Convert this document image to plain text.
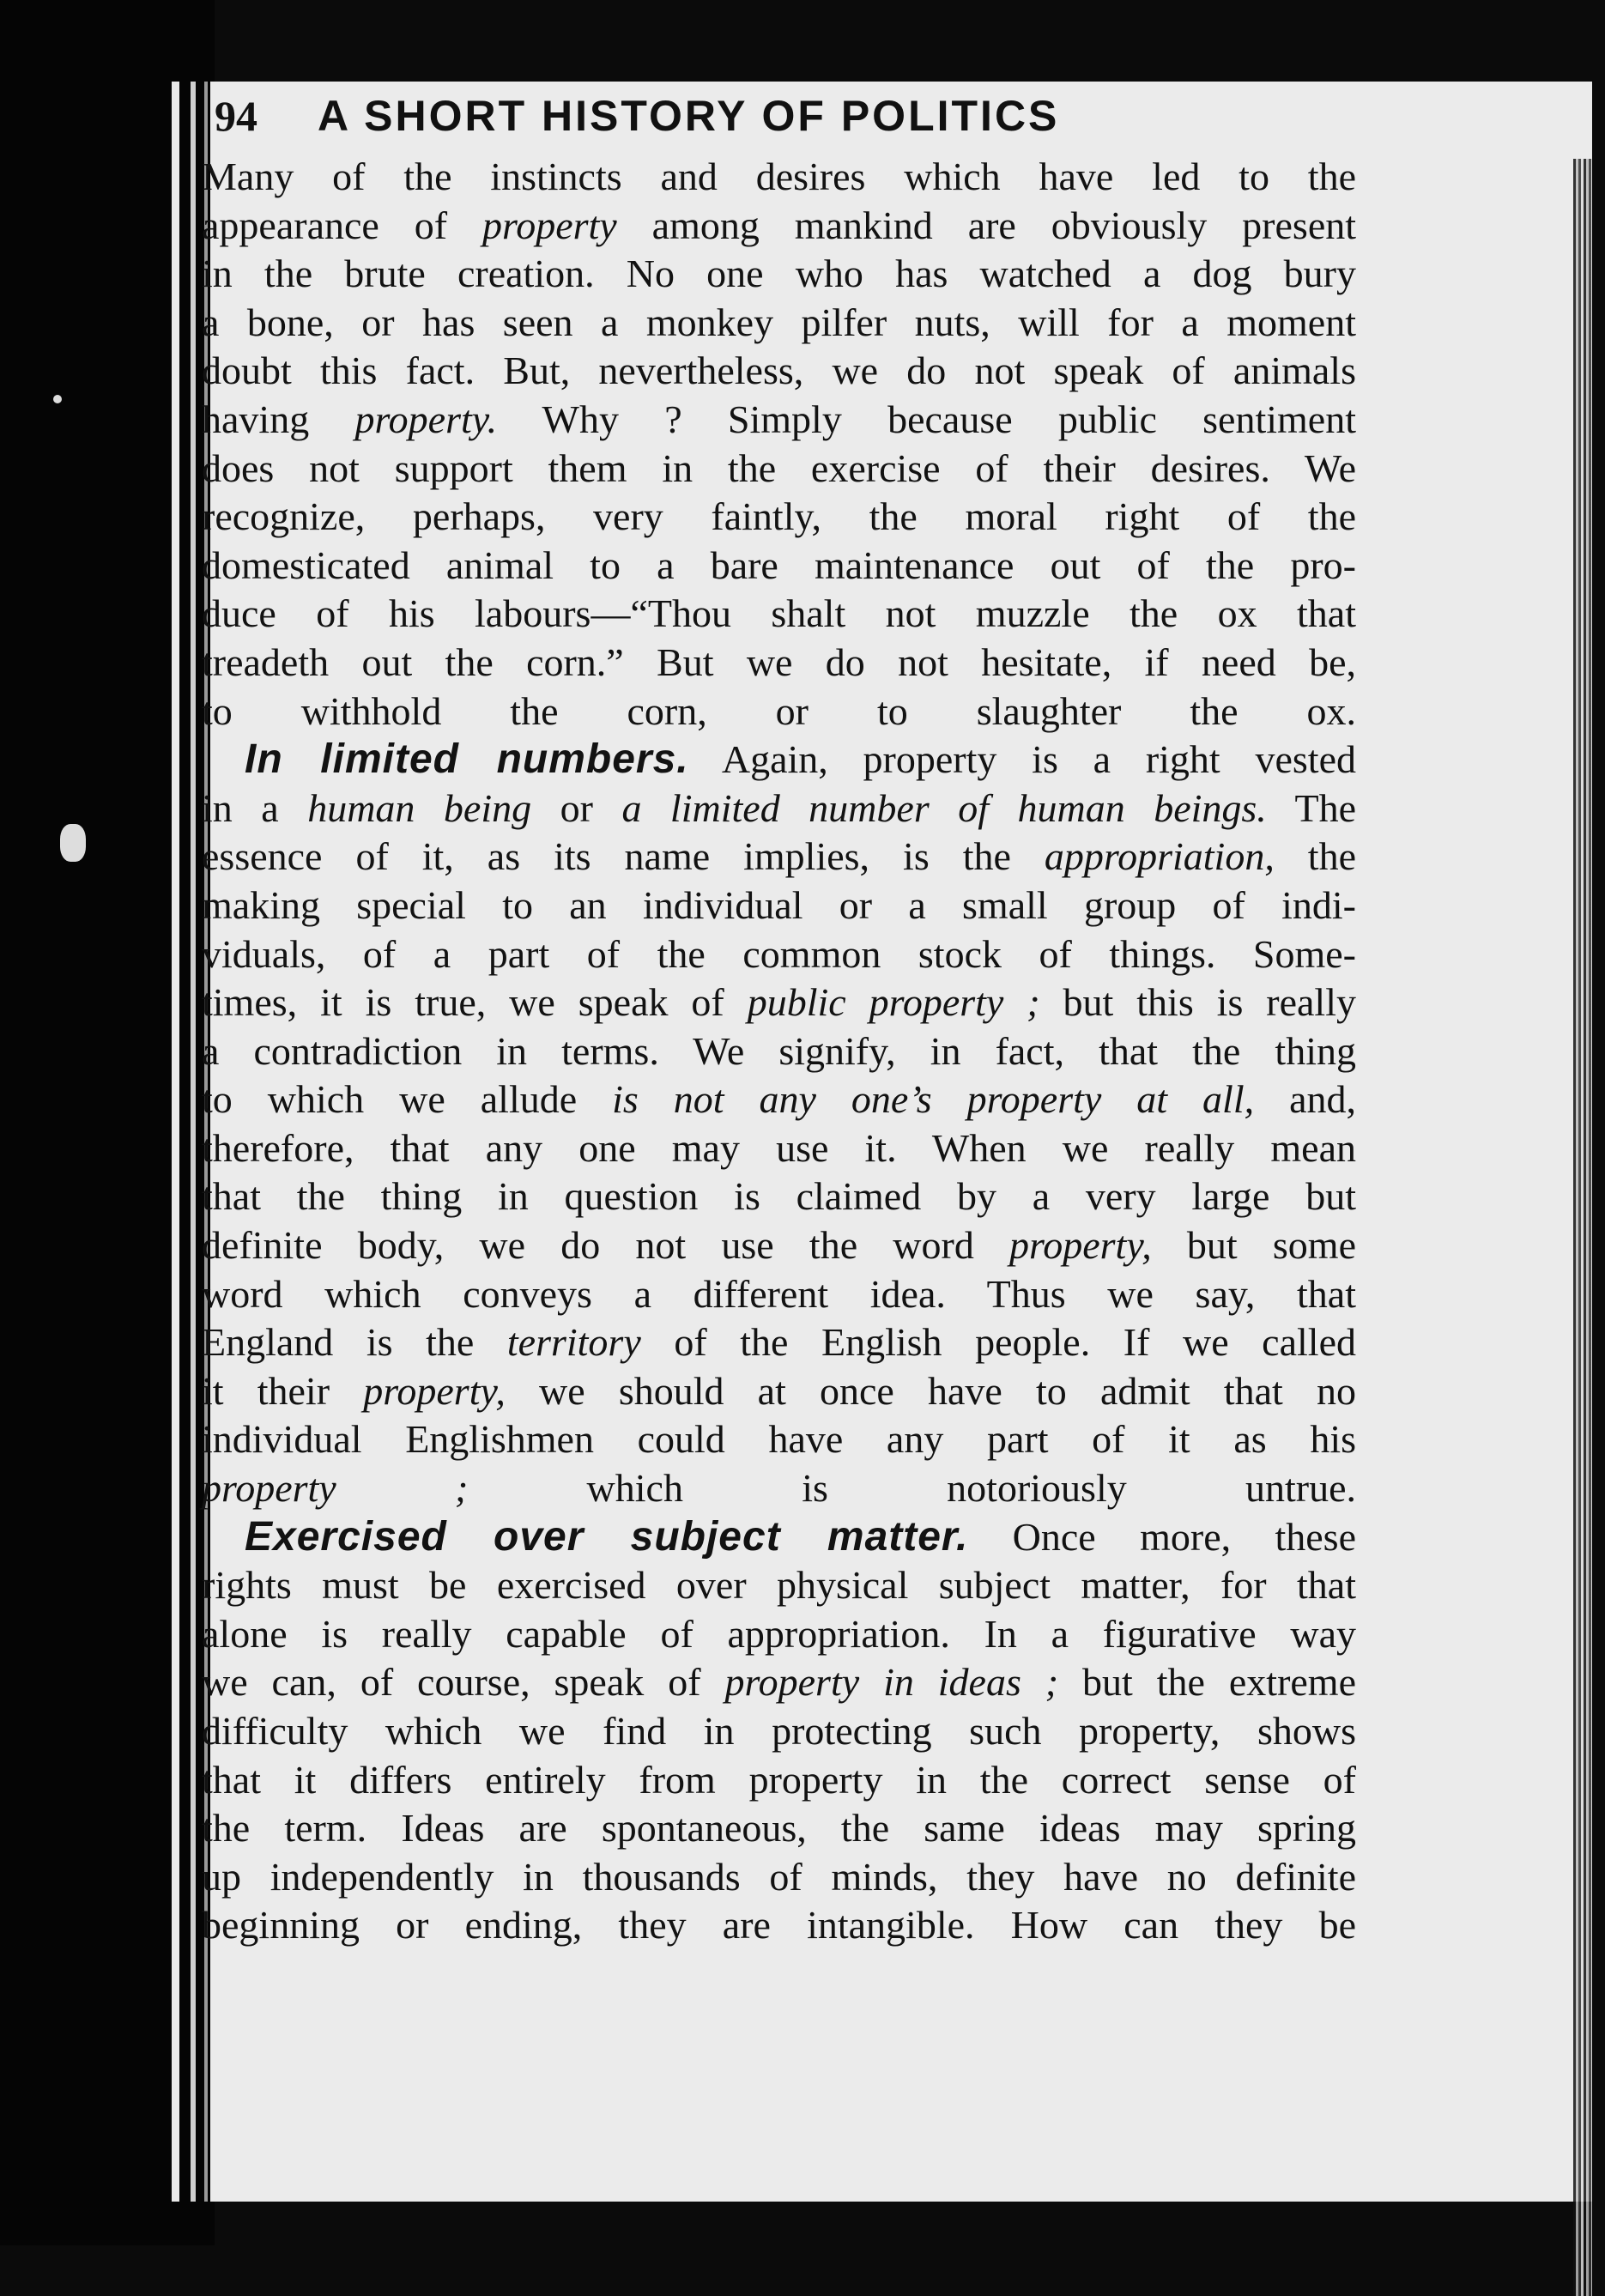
94 A SHORT HISTORY OF POLITICS
Many of the instincts and desires which have led to the
appearance of property among mankind are obviously present
in the brute creation. No one who has watched a dog bury
a bone, or has seen a monkey pilfer nuts, will for a moment
doubt this fact. But, nevertheless, we do not speak of animals
having property. Why ? Simply because public sentiment
does not support them in the exercise of their desires. We
recognize, perhaps, very faintly, the moral right of the
domesticated animal to a bare maintenance out of the pro-
duce of his labours—“Thou shalt not muzzle the ox that
treadeth out the corn.” But we do not hesitate, if need be,
to withhold the corn, or to slaughter the ox.
In limited numbers. Again, property is a right vested
in a human being or a limited number of human beings. The
essence of it, as its name implies, is the appropriation, the
making special to an individual or a small group of indi-
viduals, of a part of the common stock of things. Some-
times, it is true, we speak of public property ; but this is really
a contradiction in terms. We signify, in fact, that the thing
to which we allude is not any one’s property at all, and,
therefore, that any one may use it. When we really mean
that the thing in question is claimed by a very large but
definite body, we do not use the word property, but some
word which conveys a different idea. Thus we say, that
England is the territory of the English people. If we called
it their property, we should at once have to admit that no
individual Englishmen could have any part of it as his
property ; which is notoriously untrue.
Exercised over subject matter. Once more, these
rights must be exercised over physical subject matter, for that
alone is really capable of appropriation. In a figurative way
we can, of course, speak of property in ideas ; but the extreme
difficulty which we find in protecting such property, shows
that it differs entirely from property in the correct sense of
the term. Ideas are spontaneous, the same ideas may spring
up independently in thousands of minds, they have no definite
beginning or ending, they are intangible. How can they be
